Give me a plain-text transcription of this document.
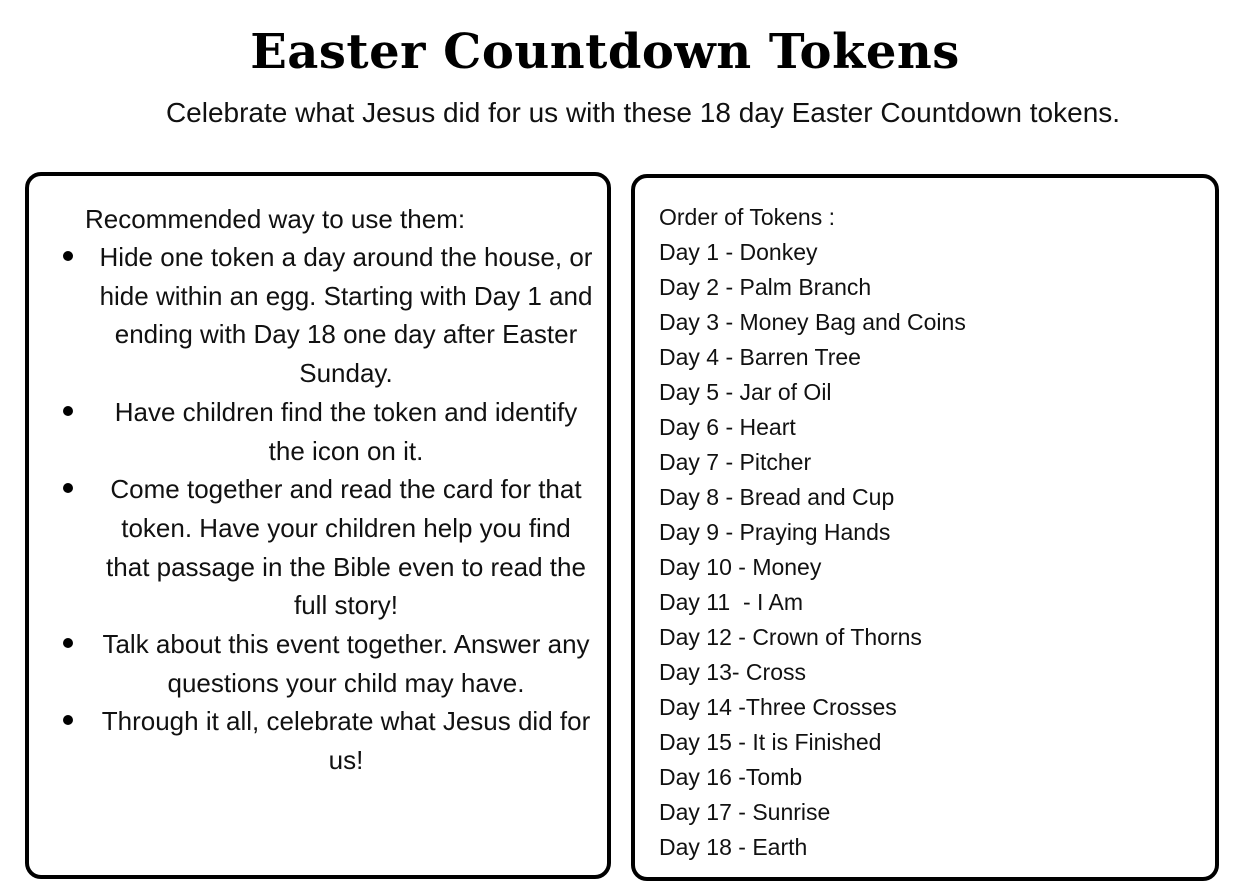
Easter Countdown Tokens
Celebrate what Jesus did for us with these 18 day Easter Countdown tokens.
Recommended way to use them:
Hide one token a day around the house, or hide within an egg. Starting with Day 1 and ending with Day 18 one day after Easter Sunday.
Have children find the token and identify the icon on it.
Come together and read the card for that token. Have your children help you find that passage in the Bible even to read the full story!
Talk about this event together. Answer any questions your child may have.
Through it all, celebrate what Jesus did for us!
Order of Tokens :
Day 1 - Donkey
Day 2 - Palm Branch
Day 3 - Money Bag and Coins
Day 4 - Barren Tree
Day 5 - Jar of Oil
Day 6 - Heart
Day 7 - Pitcher
Day 8 - Bread and Cup
Day 9 - Praying Hands
Day 10 - Money
Day 11  - I Am
Day 12 - Crown of Thorns
Day 13- Cross
Day 14 -Three Crosses
Day 15 - It is Finished
Day 16 -Tomb
Day 17 - Sunrise
Day 18 - Earth
